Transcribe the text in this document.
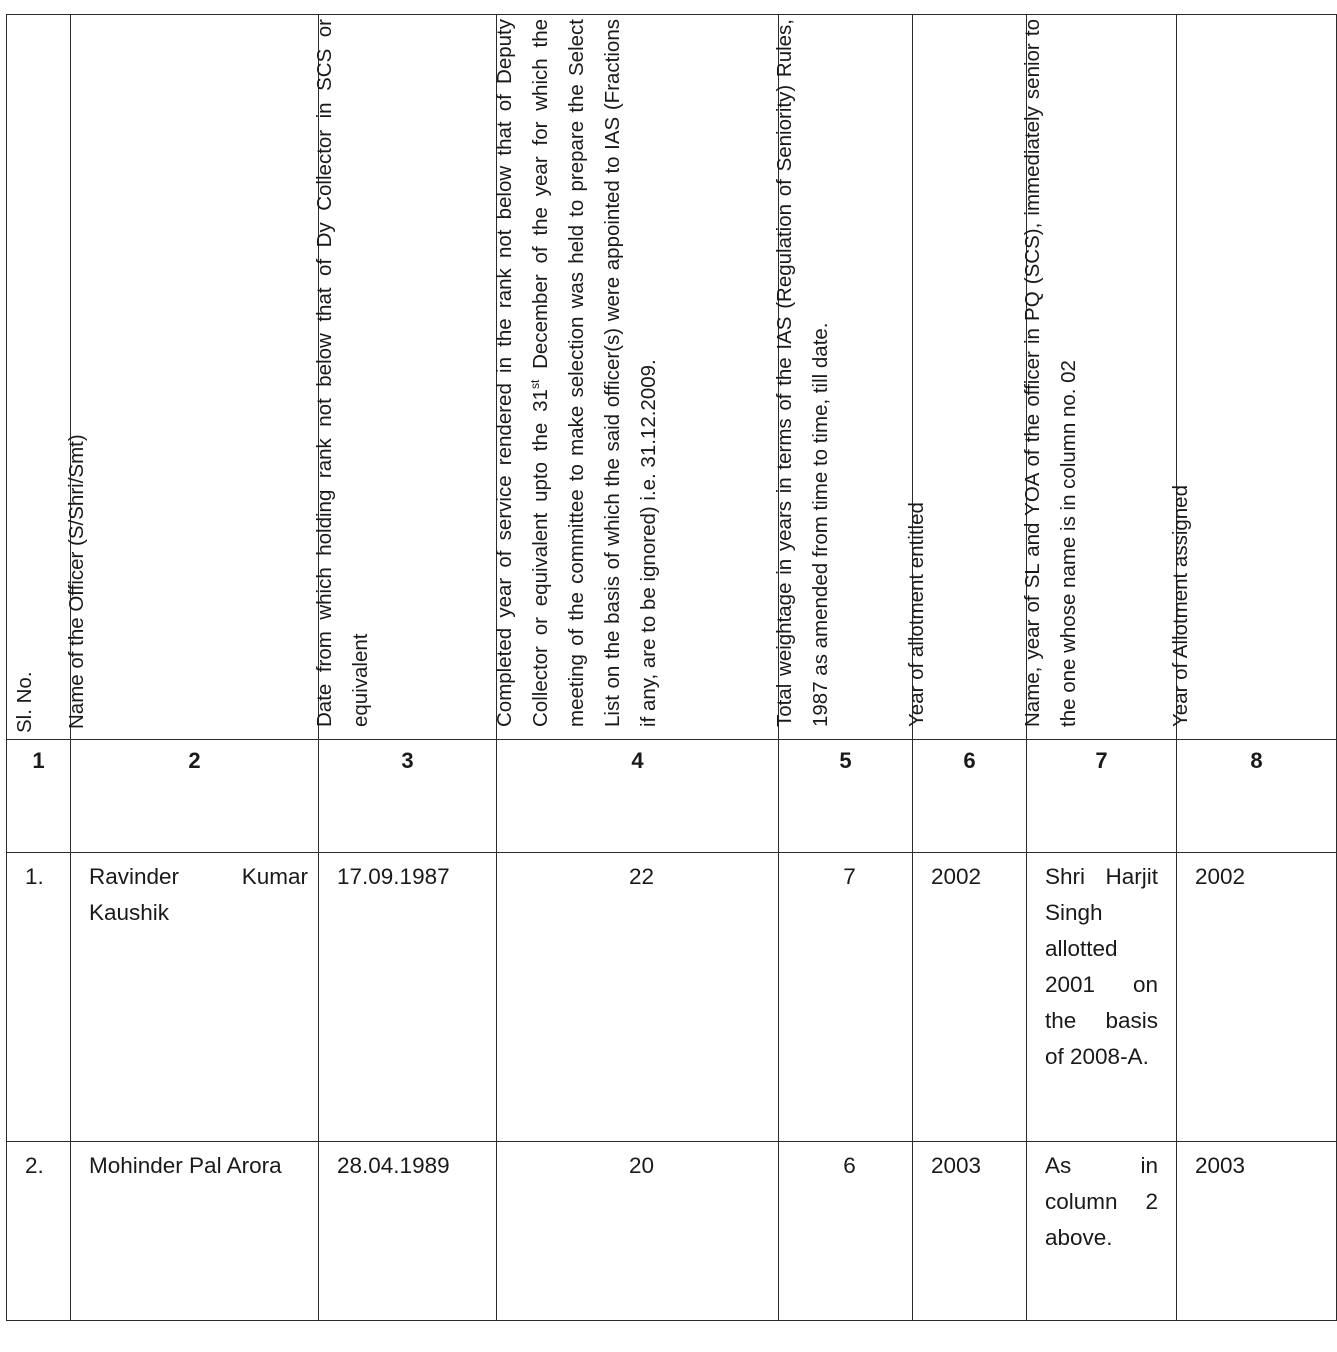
Sl. No.	Name of the Officer (S/Shri/Smt)	Date from which holding rank not below that of Dy Collector in SCS or equivalent	Completed year of service rendered in the rank not below that of Deputy Collector or equivalent upto the 31st December of the year for which the meeting of the committee to make selection was held to prepare the Select List on the basis of which the said officer(s) were appointed to IAS (Fractions if any, are to be ignored) i.e. 31.12.2009.	Total weightage in years in terms of the IAS (Regulation of Seniority) Rules, 1987 as amended from time to time, till date.	Year of allotment entitled	Name, year of SL and YOA of the officer in PQ (SCS), immediately senior to the one whose name is in column no. 02	Year of Allotment assigned

1	2	3	4	5	6	7	8

1.	Ravinder Kumar Kaushik	17.09.1987	22	7	2002	Shri Harjit Singh allotted 2001 on the basis of 2008-A.	2002

2.	Mohinder Pal Arora	28.04.1989	20	6	2003	As in column 2 above.	2003
